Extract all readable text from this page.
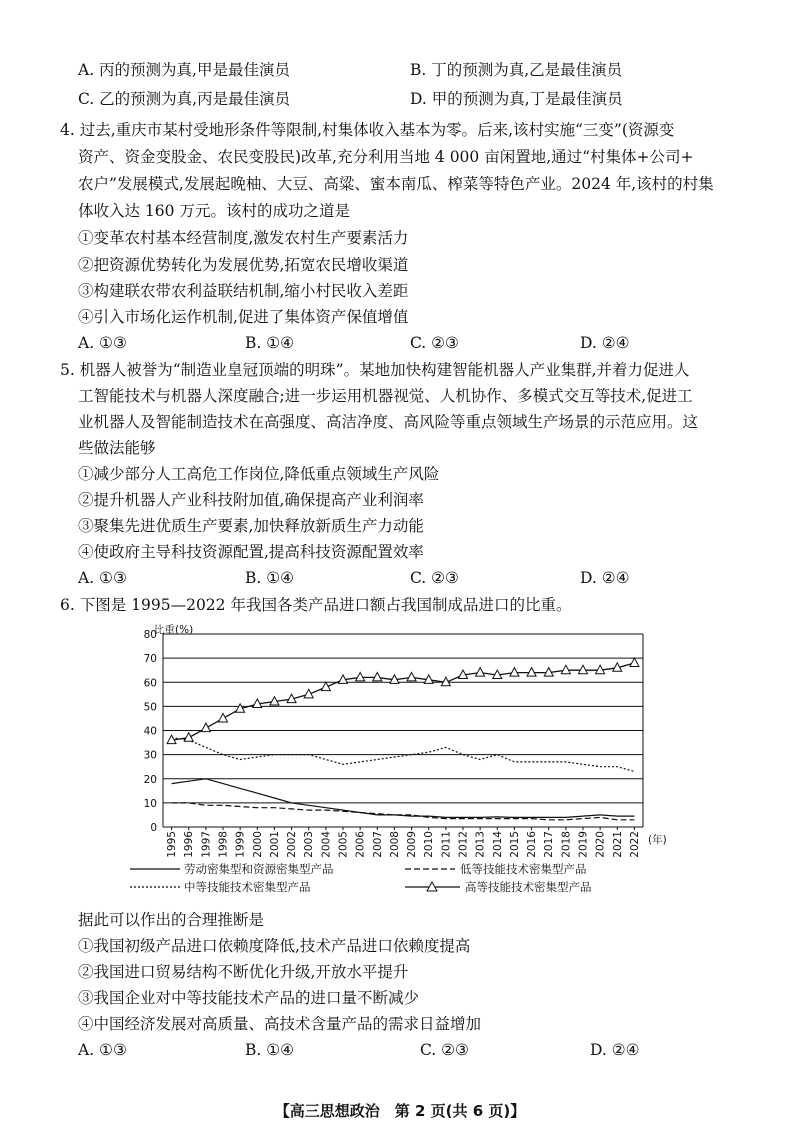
A. 丙的预测为真,甲是最佳演员	B. 丁的预测为真,乙是最佳演员
C. 乙的预测为真,丙是最佳演员	D. 甲的预测为真,丁是最佳演员
4. 过去,重庆市某村受地形条件等限制,村集体收入基本为零。后来,该村实施“三变”(资源变
资产、资金变股金、农民变股民)改革,充分利用当地 4 000 亩闲置地,通过“村集体+公司+
农户”发展模式,发展起晚柚、大豆、高粱、蜜本南瓜、榨菜等特色产业。2024 年,该村的村集
体收入达 160 万元。该村的成功之道是
①变革农村基本经营制度,激发农村生产要素活力
②把资源优势转化为发展优势,拓宽农民增收渠道
③构建联农带农利益联结机制,缩小村民收入差距
④引入市场化运作机制,促进了集体资产保值增值
A. ①③	B. ①④	C. ②③	D. ②④
5. 机器人被誉为“制造业皇冠顶端的明珠”。某地加快构建智能机器人产业集群,并着力促进人
工智能技术与机器人深度融合;进一步运用机器视觉、人机协作、多模式交互等技术,促进工
业机器人及智能制造技术在高强度、高洁净度、高风险等重点领域生产场景的示范应用。这
些做法能够
①减少部分人工高危工作岗位,降低重点领域生产风险
②提升机器人产业科技附加值,确保提高产业利润率
③聚集先进优质生产要素,加快释放新质生产力动能
④使政府主导科技资源配置,提高科技资源配置效率
A. ①③	B. ①④	C. ②③	D. ②④
6. 下图是 1995—2022 年我国各类产品进口额占我国制成品进口的比重。
0
10
20
30
40
50
60
70
80
1995 1996 1997 1998 1999 2000 2001 2002 2003 2004 2005 2006 2007 2008 2009 2010 2011 2012 2013 2014 2015 2016 2017 2018 2019 2020 2021 2022
比重(%)
(年)
劳动密集型和资源密集型产品	低等技能技术密集型产品
中等技能技术密集型产品	高等技能技术密集型产品
据此可以作出的合理推断是
①我国初级产品进口依赖度降低,技术产品进口依赖度提高
②我国进口贸易结构不断优化升级,开放水平提升
③我国企业对中等技能技术产品的进口量不断减少
④中国经济发展对高质量、高技术含量产品的需求日益增加
A. ①③	B. ①④	C. ②③	D. ②④
【高三思想政治　第 2 页(共 6 页)】
